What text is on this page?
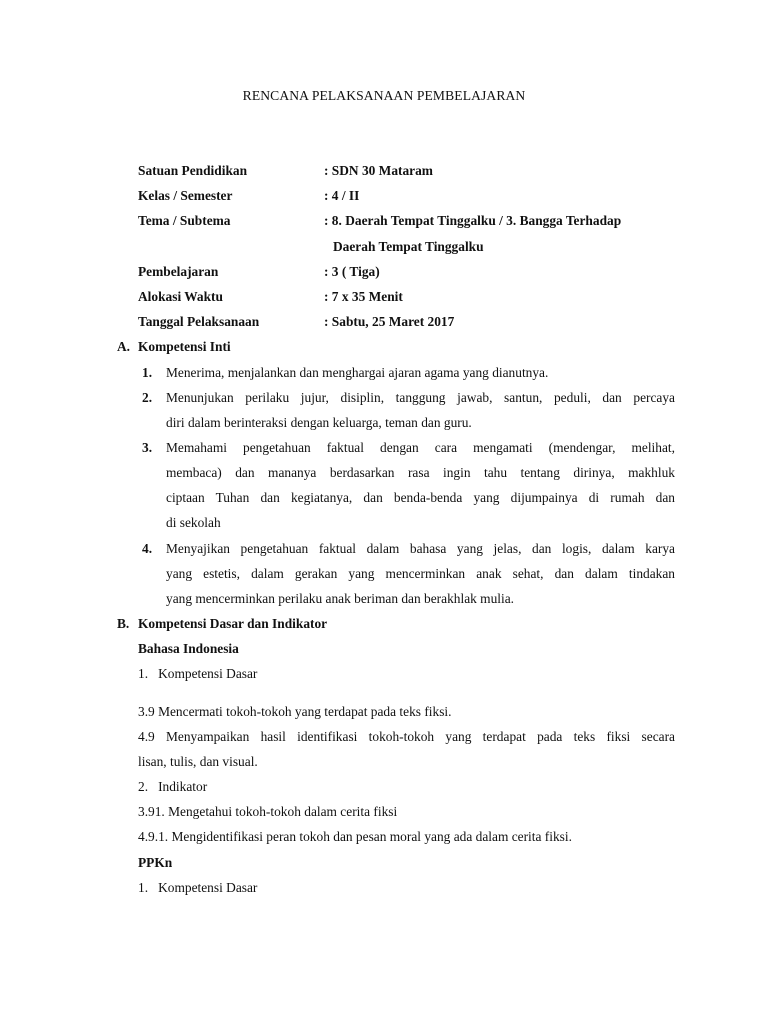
RENCANA PELAKSANAAN PEMBELAJARAN
Satuan Pendidikan	: SDN 30 Mataram
Kelas / Semester	: 4 / II
Tema / Subtema	: 8. Daerah Tempat Tinggalku / 3. Bangga Terhadap
Daerah Tempat Tinggalku
Pembelajaran	: 3 ( Tiga)
Alokasi Waktu	: 7 x 35 Menit
Tanggal Pelaksanaan	: Sabtu, 25 Maret 2017
A. Kompetensi Inti
1. Menerima, menjalankan dan menghargai ajaran agama yang dianutnya.
2. Menunjukan perilaku jujur, disiplin, tanggung jawab, santun, peduli, dan percaya
diri dalam berinteraksi dengan keluarga, teman dan guru.
3. Memahami pengetahuan faktual dengan cara mengamati (mendengar, melihat,
membaca) dan mananya berdasarkan rasa ingin tahu tentang dirinya, makhluk
ciptaan Tuhan dan kegiatanya, dan benda-benda yang dijumpainya di rumah dan
di sekolah
4. Menyajikan pengetahuan faktual dalam bahasa yang jelas, dan logis, dalam karya
yang estetis, dalam gerakan yang mencerminkan anak sehat, dan dalam tindakan
yang mencerminkan perilaku anak beriman dan berakhlak mulia.
B. Kompetensi Dasar dan Indikator
Bahasa Indonesia
1.   Kompetensi Dasar
3.9 Mencermati tokoh-tokoh yang terdapat pada teks fiksi.
4.9 Menyampaikan hasil identifikasi tokoh-tokoh yang terdapat pada teks fiksi secara
lisan, tulis, dan visual.
2.   Indikator
3.91. Mengetahui tokoh-tokoh dalam cerita fiksi
4.9.1. Mengidentifikasi peran tokoh dan pesan moral yang ada dalam cerita fiksi.
PPKn
1.   Kompetensi Dasar
